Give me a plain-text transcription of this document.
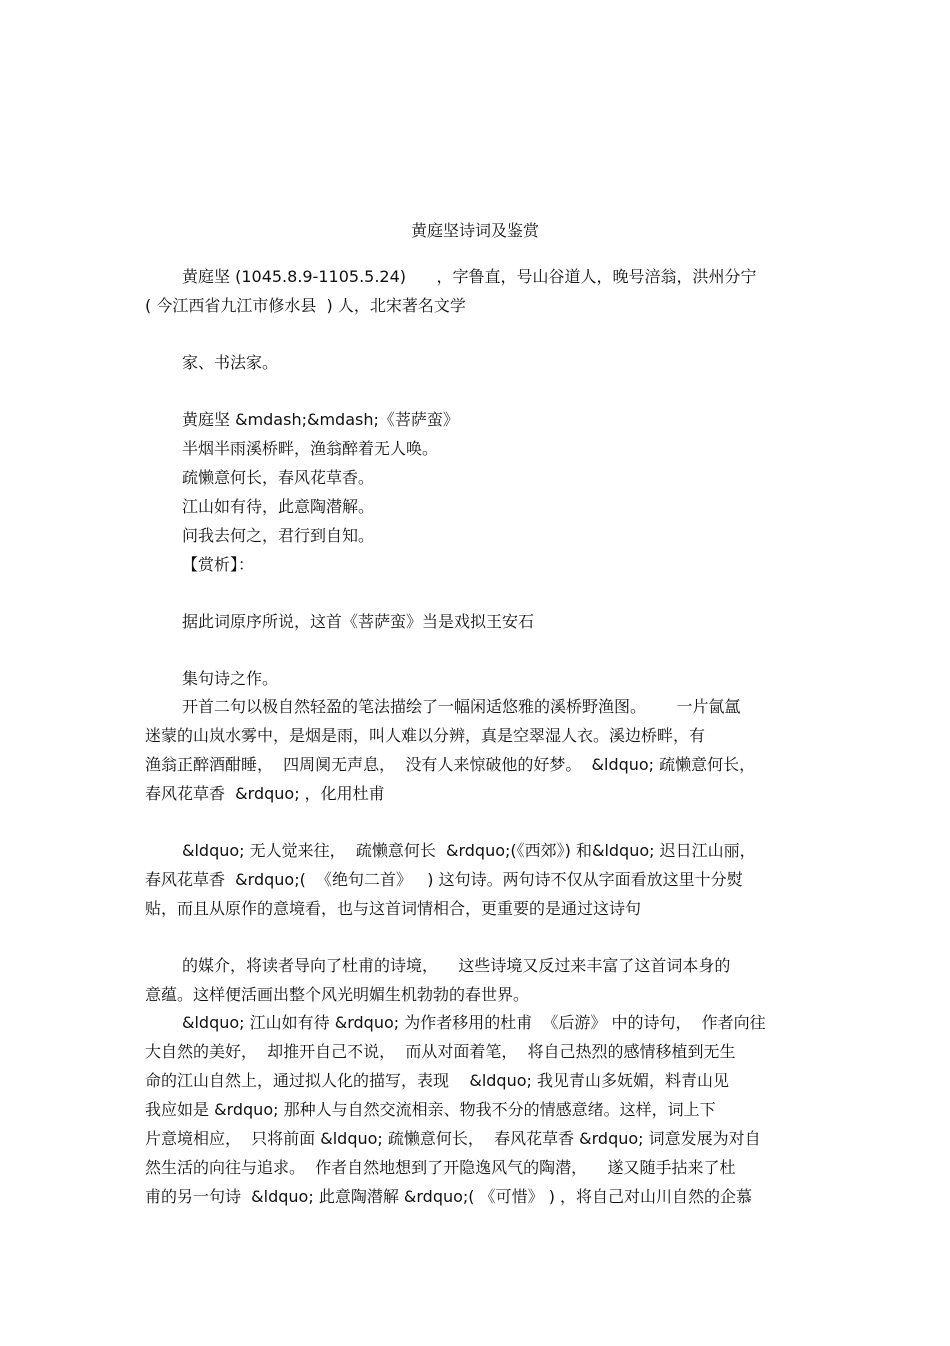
黄庭坚诗词及鉴赏

黄庭坚 (1045.8.9-1105.5.24)      ，字鲁直，号山谷道人，晚号涪翁，洪州分宁

( 今江西省九江市修水县  ) 人，北宋著名文学

家、书法家。

黄庭坚 &mdash;&mdash;《菩萨蛮》

半烟半雨溪桥畔，渔翁醉着无人唤。

疏懒意何长，春风花草香。

江山如有待，此意陶潜解。

问我去何之，君行到自知。

【赏析】：

据此词原序所说，这首《菩萨蛮》当是戏拟王安石

集句诗之作。

开首二句以极自然轻盈的笔法描绘了一幅闲适悠雅的溪桥野渔图。      一片氤氲

迷蒙的山岚水雾中，是烟是雨，叫人难以分辨，真是空翠湿人衣。溪边桥畔，有

渔翁正醉酒酣睡，  四周阒无声息，  没有人来惊破他的好梦。  &ldquo; 疏懒意何长，

春风花草香  &rdquo; ，化用杜甫

&ldquo; 无人觉来往，  疏懒意何长  &rdquo;(《西郊》) 和&ldquo; 迟日江山丽，

春风花草香  &rdquo;(  《绝句二首》   ) 这句诗。两句诗不仅从字面看放这里十分熨

贴，而且从原作的意境看，也与这首词情相合，更重要的是通过这诗句

的媒介，将读者导向了杜甫的诗境，    这些诗境又反过来丰富了这首词本身的

意蕴。这样便活画出整个风光明媚生机勃勃的春世界。

&ldquo; 江山如有待 &rdquo; 为作者移用的杜甫  《后游》 中的诗句，  作者向往

大自然的美好，  却推开自己不说，  而从对面着笔，  将自己热烈的感情移植到无生

命的江山自然上，通过拟人化的描写，表现    &ldquo; 我见青山多妩媚，料青山见

我应如是 &rdquo; 那种人与自然交流相亲、物我不分的情感意绪。这样，词上下

片意境相应，  只将前面 &ldquo; 疏懒意何长，  春风花草香 &rdquo; 词意发展为对自

然生活的向往与追求。  作者自然地想到了开隐逸风气的陶潜，    遂又随手拈来了杜

甫的另一句诗  &ldquo; 此意陶潜解 &rdquo;( 《可惜》 ) ，将自己对山川自然的企慕
